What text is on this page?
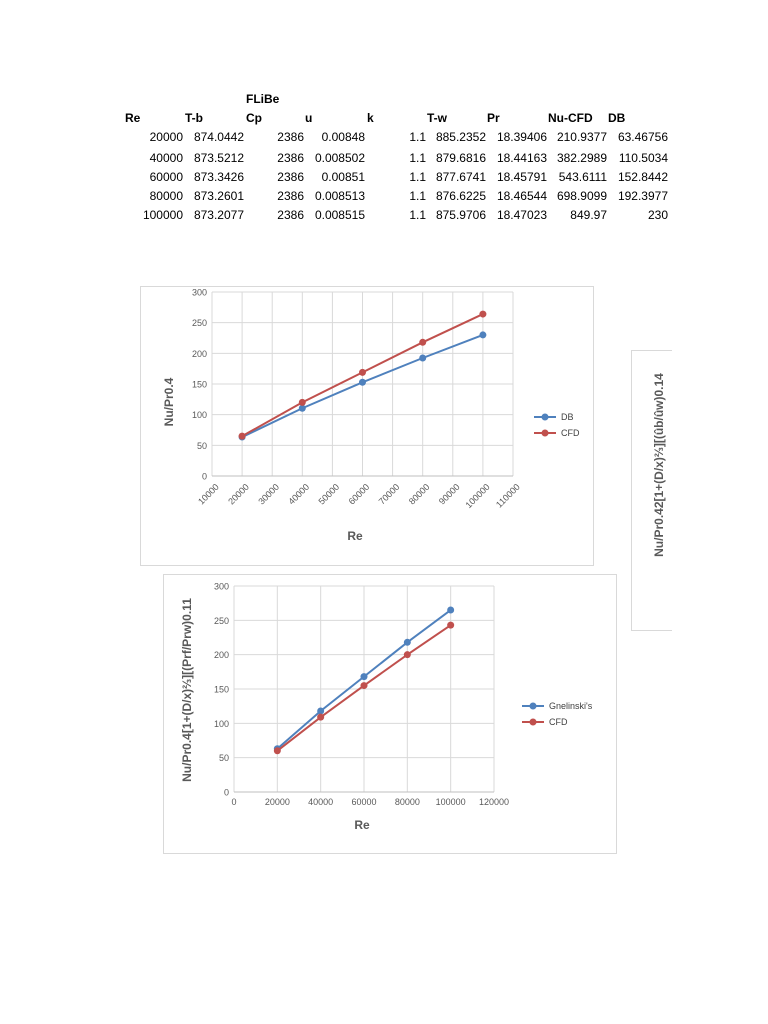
FLiBe
Re	T-b	Cp	u	k	T-w	Pr	Nu-CFD DB
20000 874.0442	2386 0.00848	1.1 885.2352 18.39406 210.9377 63.46756
40000 873.5212	2386 0.008502	1.1 879.6816 18.44163 382.2989 110.5034
60000 873.3426	2386 0.00851	1.1 877.6741 18.45791 543.6111 152.8442
80000 873.2601	2386 0.008513	1.1 876.6225 18.46544 698.9099 192.3977
100000 873.2077	2386 0.008515	1.1 875.9706 18.47023 849.97	230
0
50
100
150
200
250
300
10000 20000 30000 40000 50000 60000 70000 80000 90000 100000 110000
Re
Nu/Pr0.4	DB
CFD
0
50
100
150
200
250
300
0	20000 40000 60000 80000 100000 120000
Re
Nu/Pr0.4[1+(D/x)⅔][(Prf/Prw)0.11	Gnelinski's
CFD
Nu/Pr0.42[1+(D/x)⅔][(ûb/ûw)0.14
